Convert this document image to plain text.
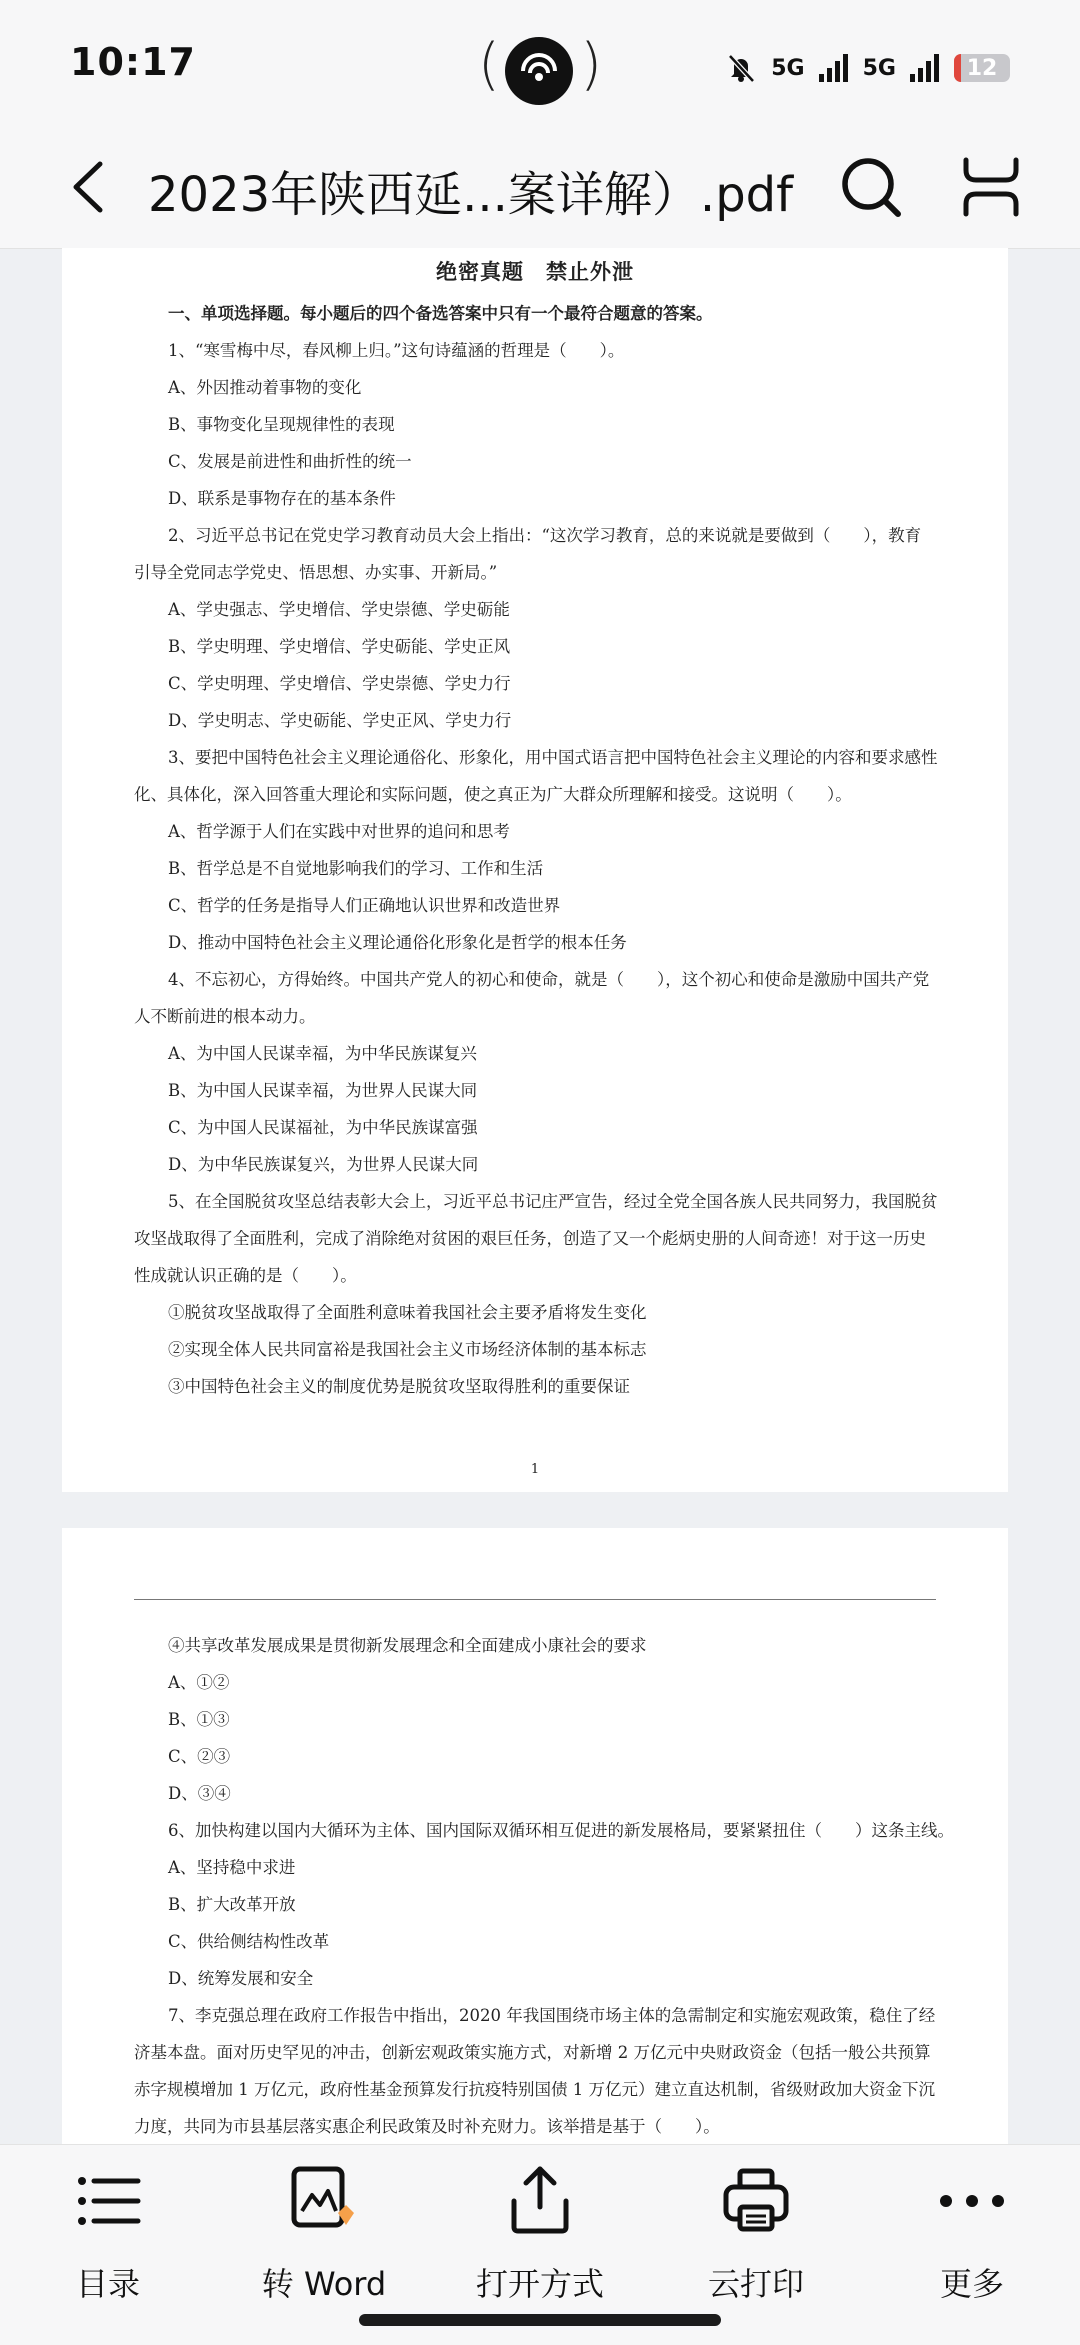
10:17	( )	5G	5G	12
2023年陕西延...案详解）.pdf
绝密真题　禁止外泄
一、单项选择题。每小题后的四个备选答案中只有一个最符合题意的答案。
1、“寒雪梅中尽，春风柳上归。”这句诗蕴涵的哲理是（　　）。
A、外因推动着事物的变化
B、事物变化呈现规律性的表现
C、发展是前进性和曲折性的统一
D、联系是事物存在的基本条件
2、习近平总书记在党史学习教育动员大会上指出：“这次学习教育，总的来说就是要做到（　　），教育
引导全党同志学党史、悟思想、办实事、开新局。”
A、学史强志、学史增信、学史崇德、学史砺能
B、学史明理、学史增信、学史砺能、学史正风
C、学史明理、学史增信、学史崇德、学史力行
D、学史明志、学史砺能、学史正风、学史力行
3、要把中国特色社会主义理论通俗化、形象化，用中国式语言把中国特色社会主义理论的内容和要求感性
化、具体化，深入回答重大理论和实际问题，使之真正为广大群众所理解和接受。这说明（　　）。
A、哲学源于人们在实践中对世界的追问和思考
B、哲学总是不自觉地影响我们的学习、工作和生活
C、哲学的任务是指导人们正确地认识世界和改造世界
D、推动中国特色社会主义理论通俗化形象化是哲学的根本任务
4、不忘初心，方得始终。中国共产党人的初心和使命，就是（　　），这个初心和使命是激励中国共产党
人不断前进的根本动力。
A、为中国人民谋幸福，为中华民族谋复兴
B、为中国人民谋幸福，为世界人民谋大同
C、为中国人民谋福祉，为中华民族谋富强
D、为中华民族谋复兴，为世界人民谋大同
5、在全国脱贫攻坚总结表彰大会上，习近平总书记庄严宣告，经过全党全国各族人民共同努力，我国脱贫
攻坚战取得了全面胜利，完成了消除绝对贫困的艰巨任务，创造了又一个彪炳史册的人间奇迹！对于这一历史
性成就认识正确的是（　　）。
①脱贫攻坚战取得了全面胜利意味着我国社会主要矛盾将发生变化
②实现全体人民共同富裕是我国社会主义市场经济体制的基本标志
③中国特色社会主义的制度优势是脱贫攻坚取得胜利的重要保证
1
④共享改革发展成果是贯彻新发展理念和全面建成小康社会的要求
A、①②
B、①③
C、②③
D、③④
6、加快构建以国内大循环为主体、国内国际双循环相互促进的新发展格局，要紧紧扭住（　　）这条主线。
A、坚持稳中求进
B、扩大改革开放
C、供给侧结构性改革
D、统筹发展和安全
7、李克强总理在政府工作报告中指出，2020 年我国围绕市场主体的急需制定和实施宏观政策，稳住了经
济基本盘。面对历史罕见的冲击，创新宏观政策实施方式，对新增 2 万亿元中央财政资金（包括一般公共预算
赤字规模增加 1 万亿元，政府性基金预算发行抗疫特别国债 1 万亿元）建立直达机制，省级财政加大资金下沉
力度，共同为市县基层落实惠企利民政策及时补充财力。该举措是基于（　　）。
目录	转 Word	打开方式	云打印	更多
